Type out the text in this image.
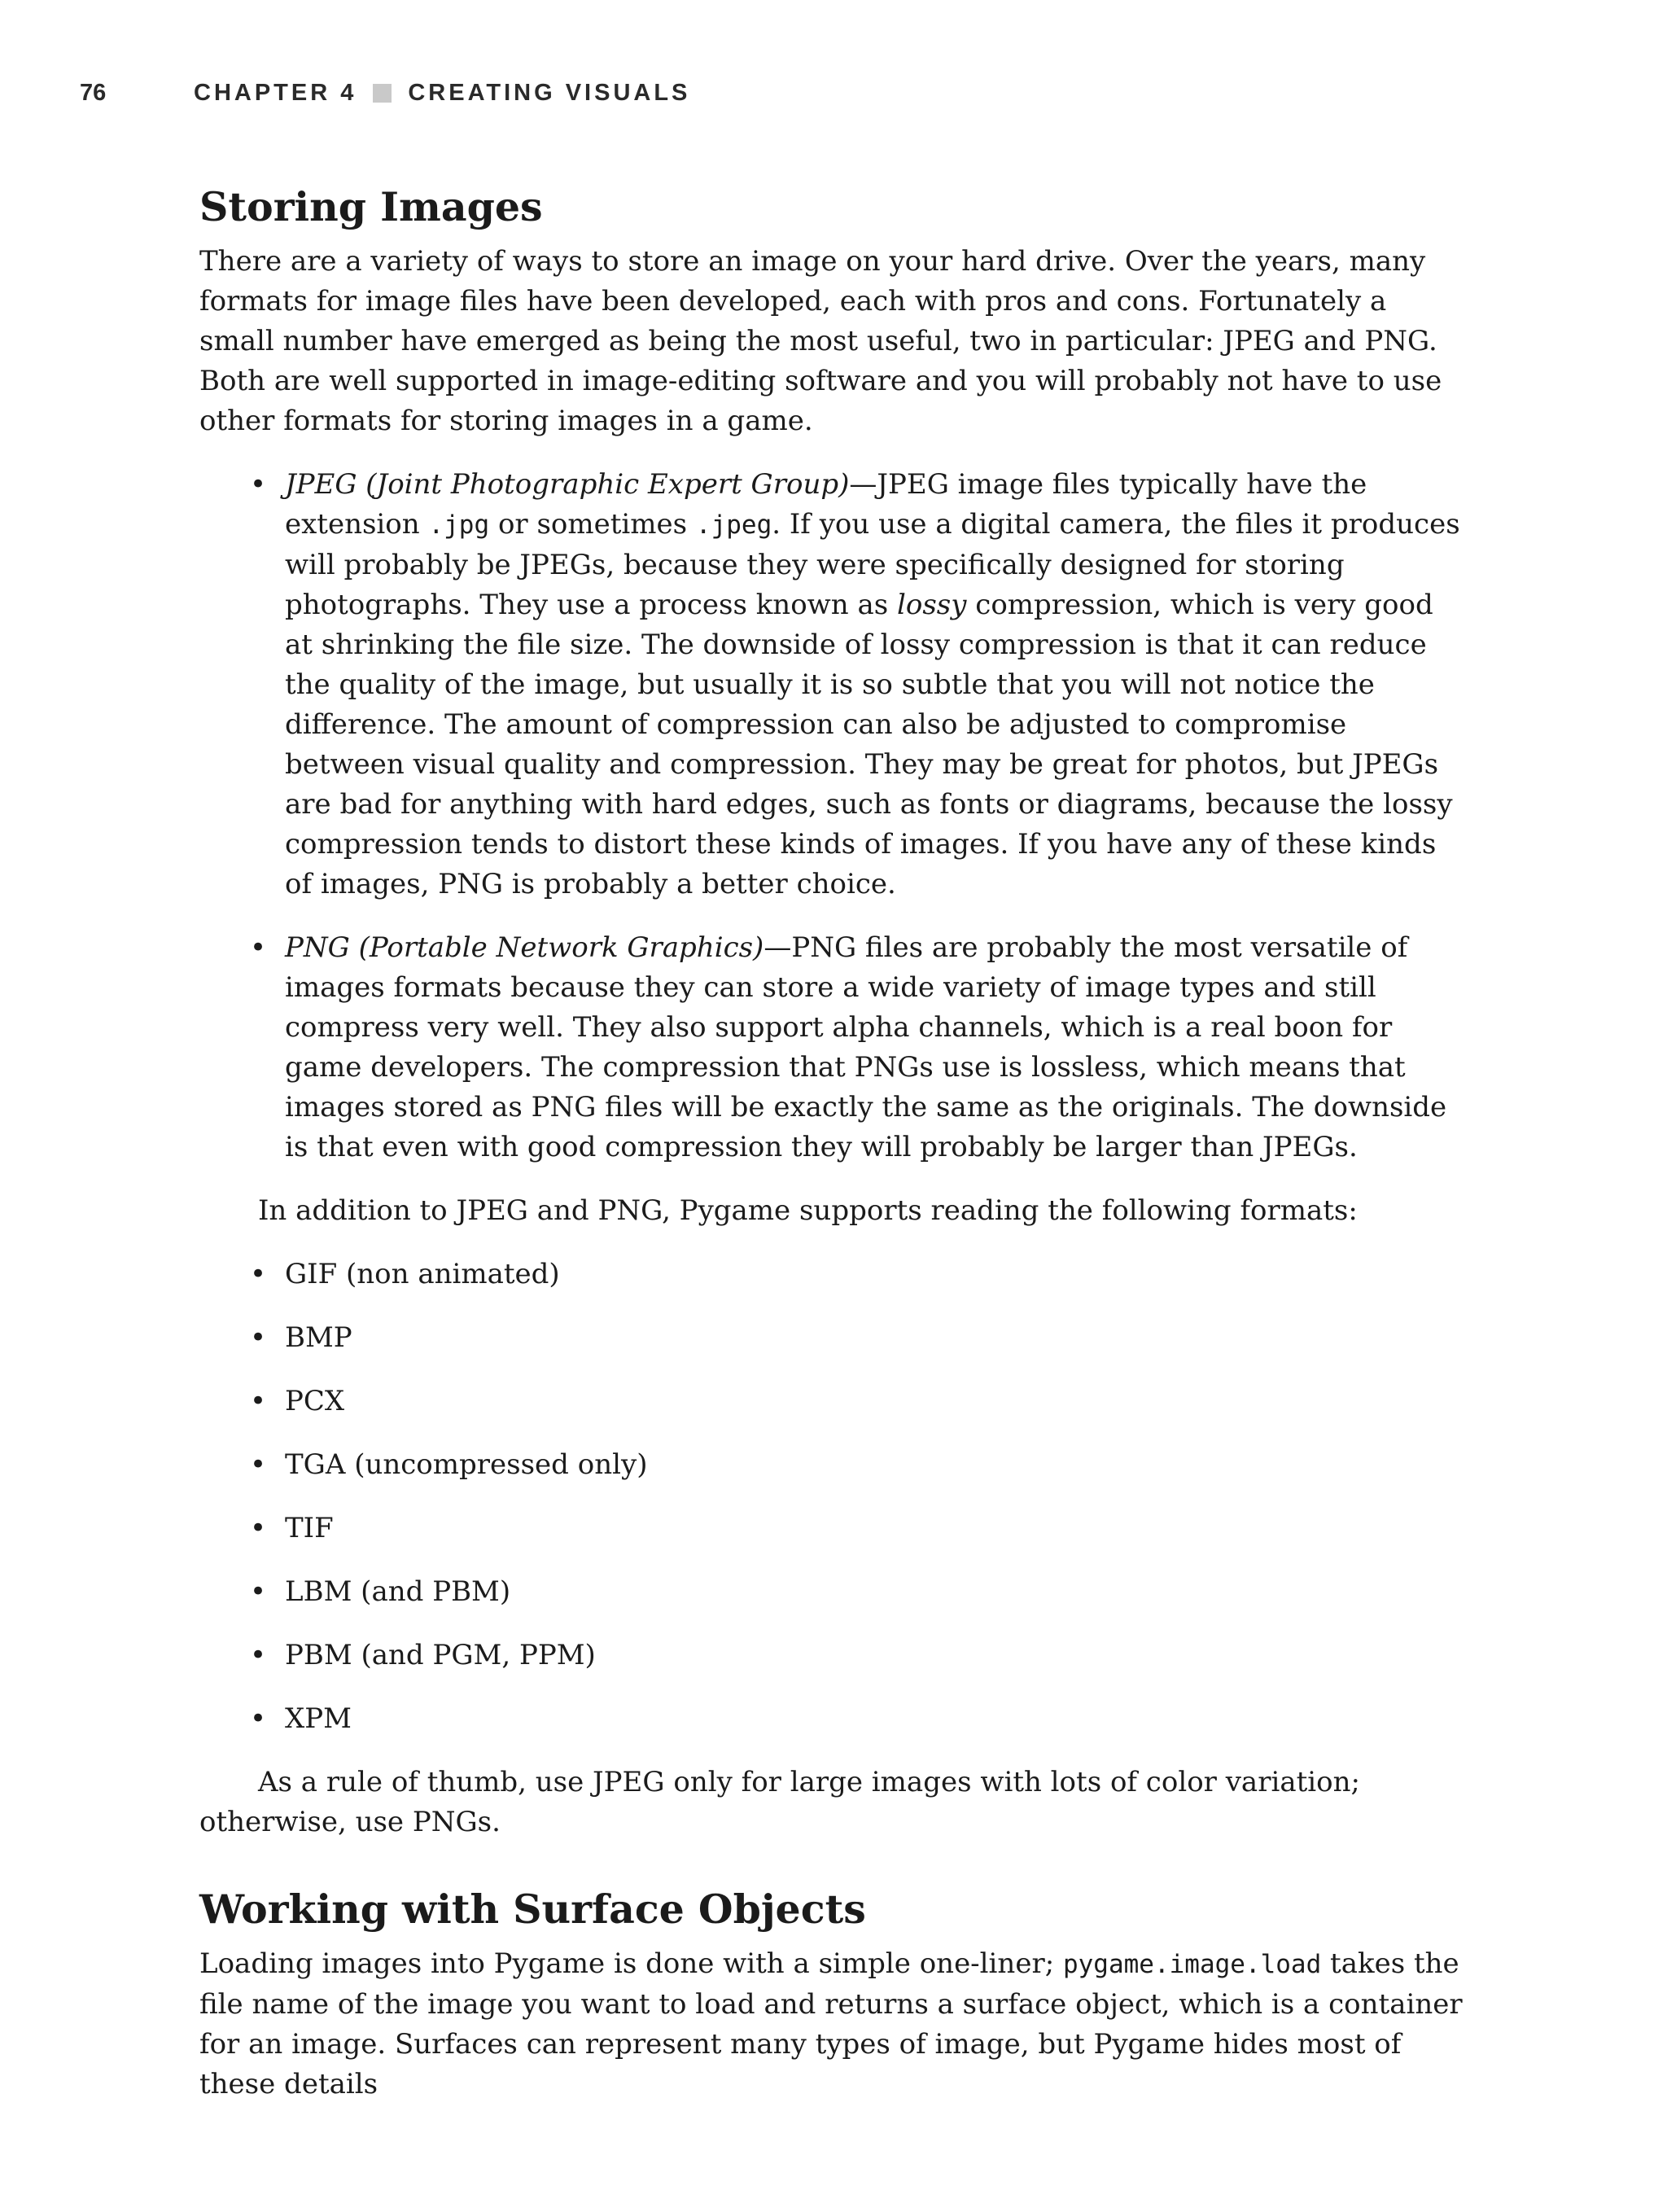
76	CHAPTER 4 CREATING VISUALS
Storing Images

There are a variety of ways to store an image on your hard drive. Over the years, many formats for image files have been developed, each with pros and cons. Fortunately a small number have emerged as being the most useful, two in particular: JPEG and PNG. Both are well supported in image-editing software and you will probably not have to use other formats for storing images in a game.

• JPEG (Joint Photographic Expert Group)—JPEG image files typically have the extension .jpg or sometimes .jpeg. If you use a digital camera, the files it produces will probably be JPEGs, because they were specifically designed for storing photographs. They use a process known as lossy compression, which is very good at shrinking the file size. The downside of lossy compression is that it can reduce the quality of the image, but usually it is so subtle that you will not notice the difference. The amount of compression can also be adjusted to compromise between visual quality and compression. They may be great for photos, but JPEGs are bad for anything with hard edges, such as fonts or diagrams, because the lossy compression tends to distort these kinds of images. If you have any of these kinds of images, PNG is probably a better choice.
• PNG (Portable Network Graphics)—PNG files are probably the most versatile of images formats because they can store a wide variety of image types and still compress very well. They also support alpha channels, which is a real boon for game developers. The compression that PNGs use is lossless, which means that images stored as PNG files will be exactly the same as the originals. The downside is that even with good compression they will probably be larger than JPEGs.

In addition to JPEG and PNG, Pygame supports reading the following formats:

• GIF (non animated)
• BMP
• PCX
• TGA (uncompressed only)
• TIF
• LBM (and PBM)
• PBM (and PGM, PPM)
• XPM

As a rule of thumb, use JPEG only for large images with lots of color variation; otherwise, use PNGs.

Working with Surface Objects

Loading images into Pygame is done with a simple one-liner; pygame.image.load takes the file name of the image you want to load and returns a surface object, which is a container for an image. Surfaces can represent many types of image, but Pygame hides most of these details
